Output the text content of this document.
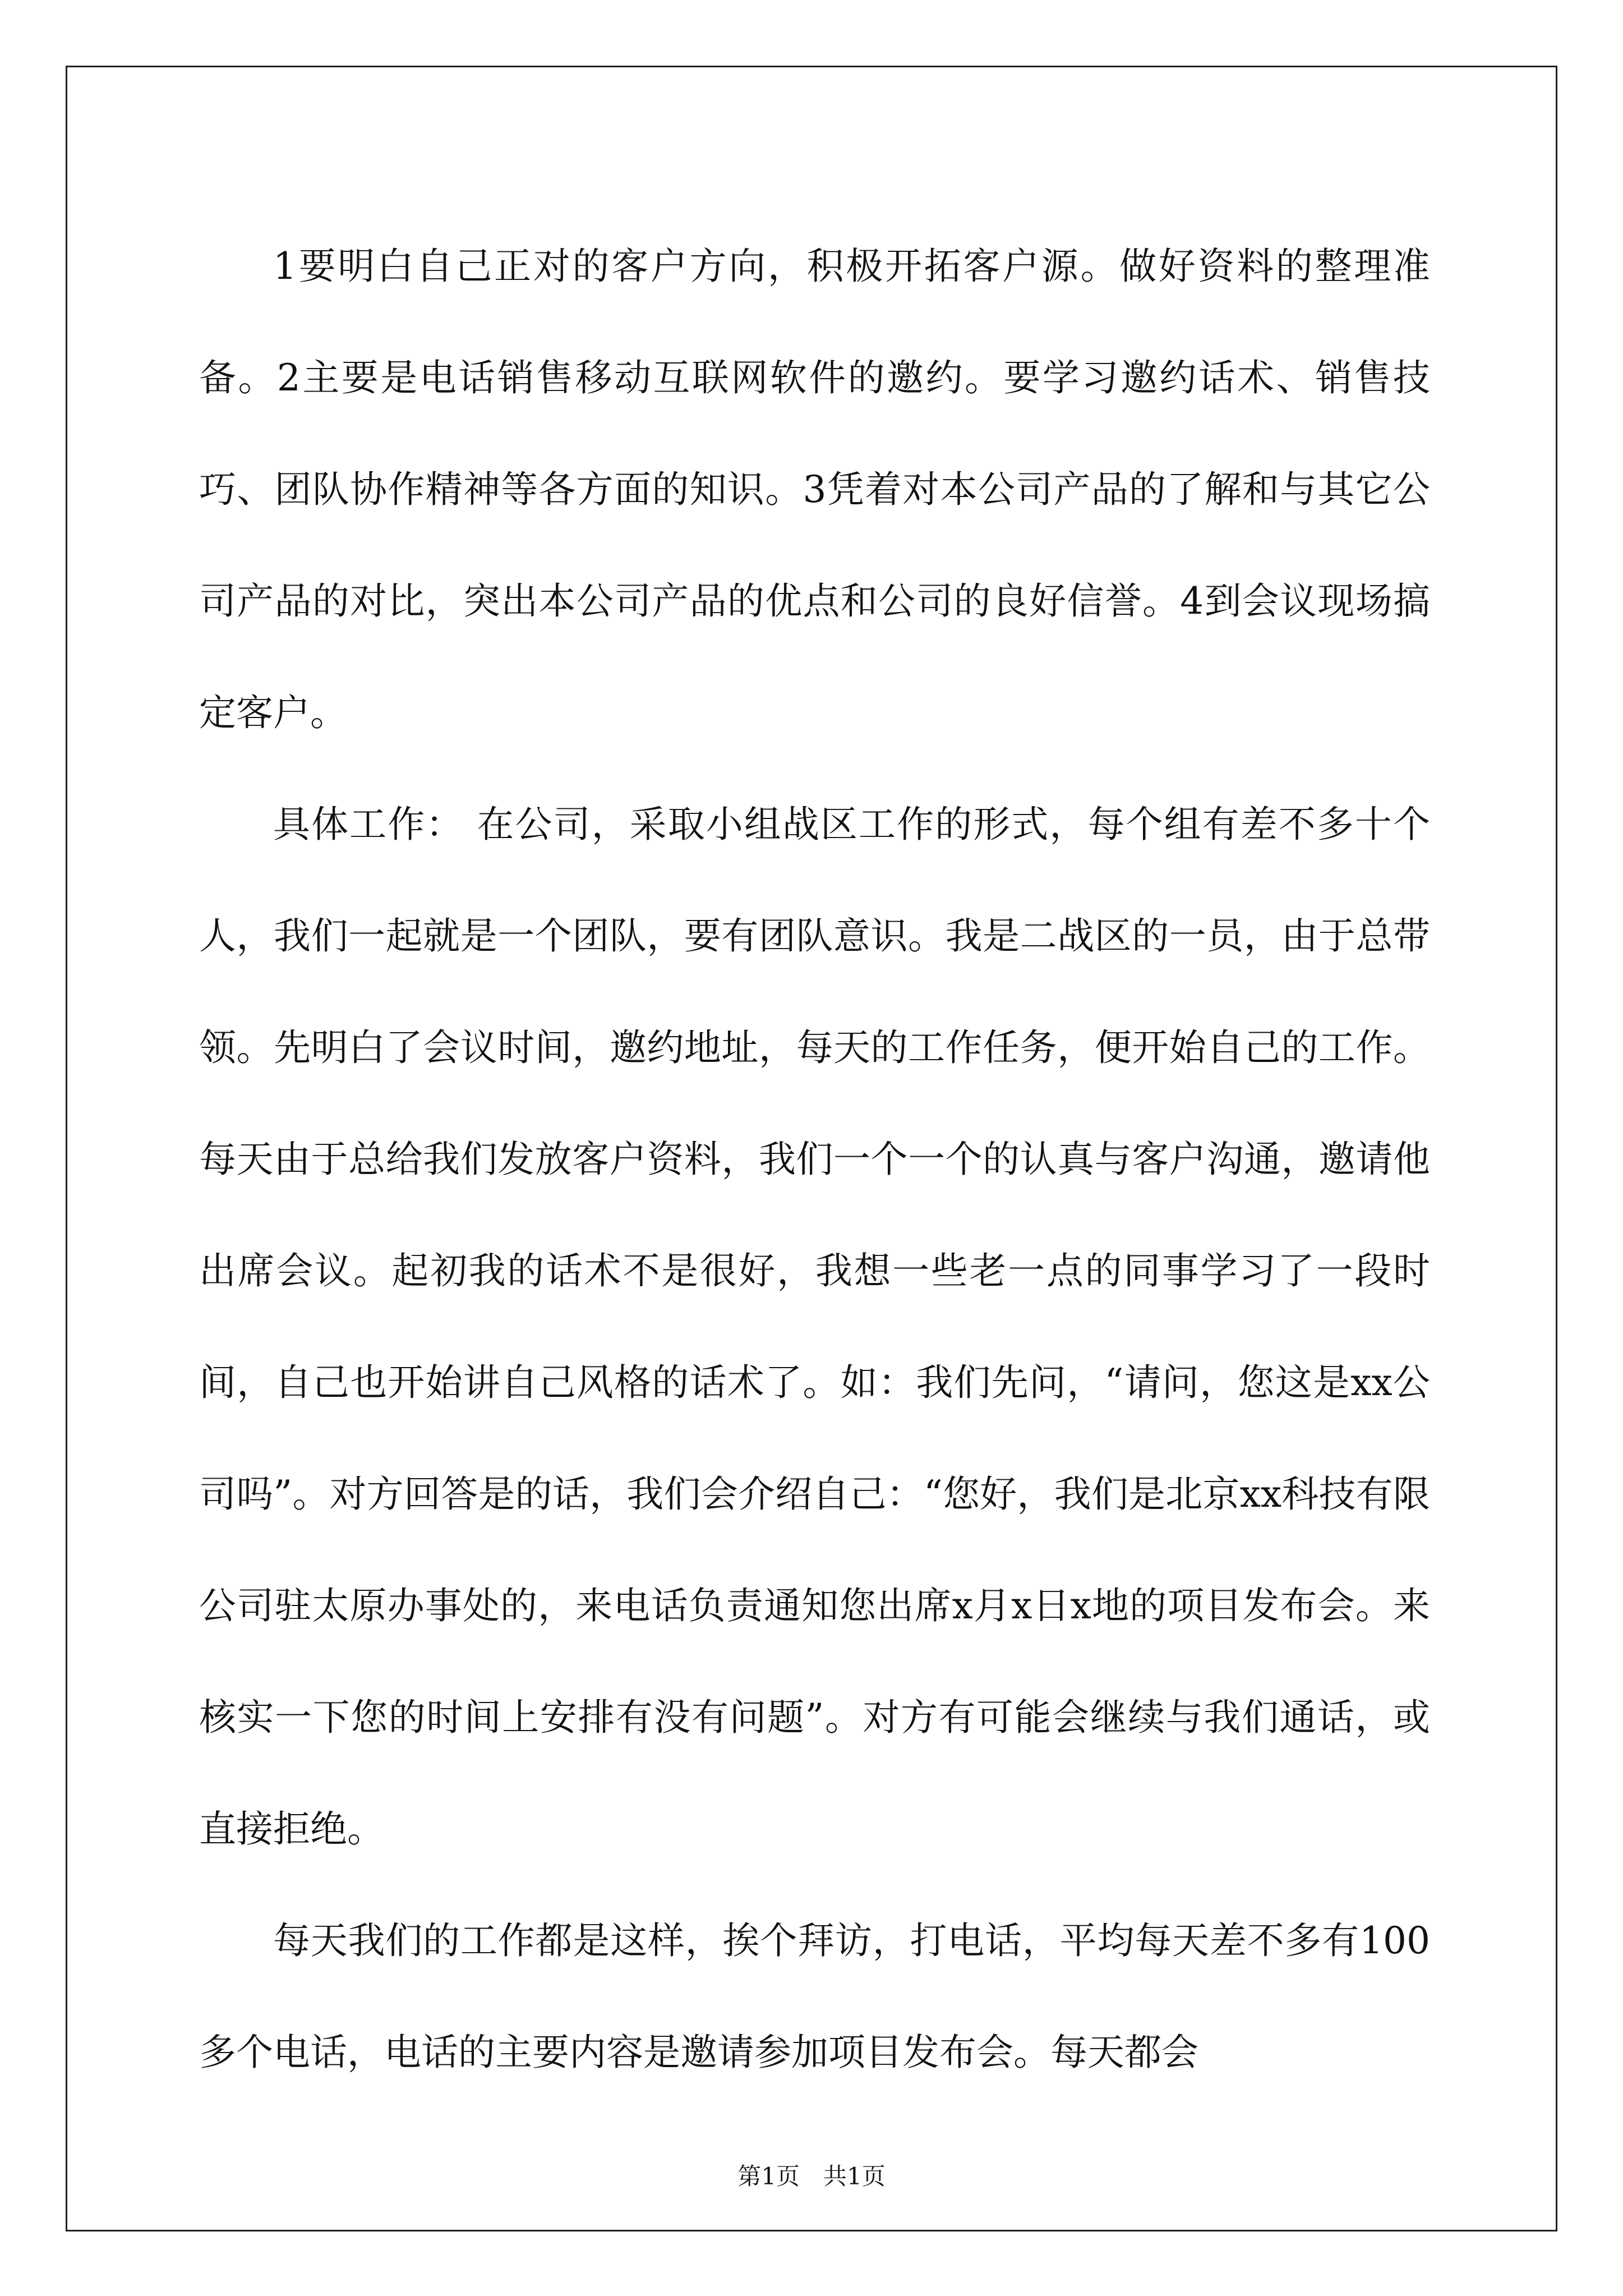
1要明白自己正对的客户方向，积极开拓客户源。做好资料的整理准备。2主要是电话销售移动互联网软件的邀约。要学习邀约话术、销售技巧、团队协作精神等各方面的知识。3凭着对本公司产品的了解和与其它公司产品的对比，突出本公司产品的优点和公司的良好信誉。4到会议现场搞定客户。

具体工作： 在公司，采取小组战区工作的形式，每个组有差不多十个人，我们一起就是一个团队，要有团队意识。我是二战区的一员，由于总带领。先明白了会议时间，邀约地址，每天的工作任务，便开始自己的工作。每天由于总给我们发放客户资料，我们一个一个的认真与客户沟通，邀请他出席会议。起初我的话术不是很好，我想一些老一点的同事学习了一段时间，自己也开始讲自己风格的话术了。如：我们先问，“请问，您这是xx公司吗”。对方回答是的话，我们会介绍自己：“您好，我们是北京xx科技有限公司驻太原办事处的，来电话负责通知您出席x月x日x地的项目发布会。来核实一下您的时间上安排有没有问题”。对方有可能会继续与我们通话，或直接拒绝。

每天我们的工作都是这样，挨个拜访，打电话，平均每天差不多有100多个电话，电话的主要内容是邀请参加项目发布会。每天都会

第1页　共1页
